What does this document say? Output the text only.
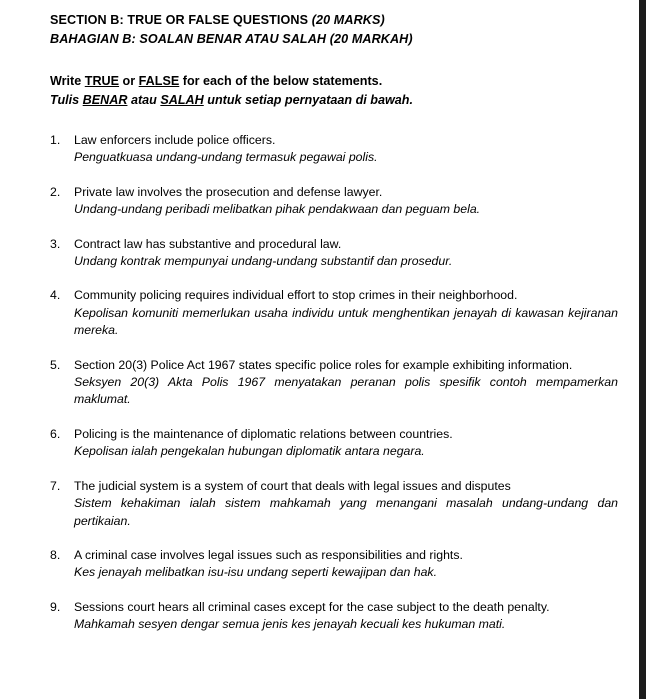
SECTION B: TRUE OR FALSE QUESTIONS (20 MARKS)
BAHAGIAN B: SOALAN BENAR ATAU SALAH (20 MARKAH)
Write TRUE or FALSE for each of the below statements.
Tulis BENAR atau SALAH untuk setiap pernyataan di bawah.
1.	Law enforcers include police officers.

Penguatkuasa undang-undang termasuk pegawai polis.

2.	Private law involves the prosecution and defense lawyer.

Undang-undang peribadi melibatkan pihak pendakwaan dan peguam bela.

3.	Contract law has substantive and procedural law.

Undang kontrak mempunyai undang-undang substantif dan prosedur.

4.	Community policing requires individual effort to stop crimes in their neighborhood.

Kepolisan komuniti memerlukan usaha individu untuk menghentikan jenayah di kawasan kejiranan mereka.

5.	Section 20(3) Police Act 1967 states specific police roles for example exhibiting information.

Seksyen 20(3) Akta Polis 1967 menyatakan peranan polis spesifik contoh mempamerkan maklumat.

6.	Policing is the maintenance of diplomatic relations between countries.

Kepolisan ialah pengekalan hubungan diplomatik antara negara.

7.	The judicial system is a system of court that deals with legal issues and disputes

Sistem kehakiman ialah sistem mahkamah yang menangani masalah undang-undang dan pertikaian.

8.	A criminal case involves legal issues such as responsibilities and rights.

Kes jenayah melibatkan isu-isu undang seperti kewajipan dan hak.

9.	Sessions court hears all criminal cases except for the case subject to the death penalty.

Mahkamah sesyen dengar semua jenis kes jenayah kecuali kes hukuman mati.
